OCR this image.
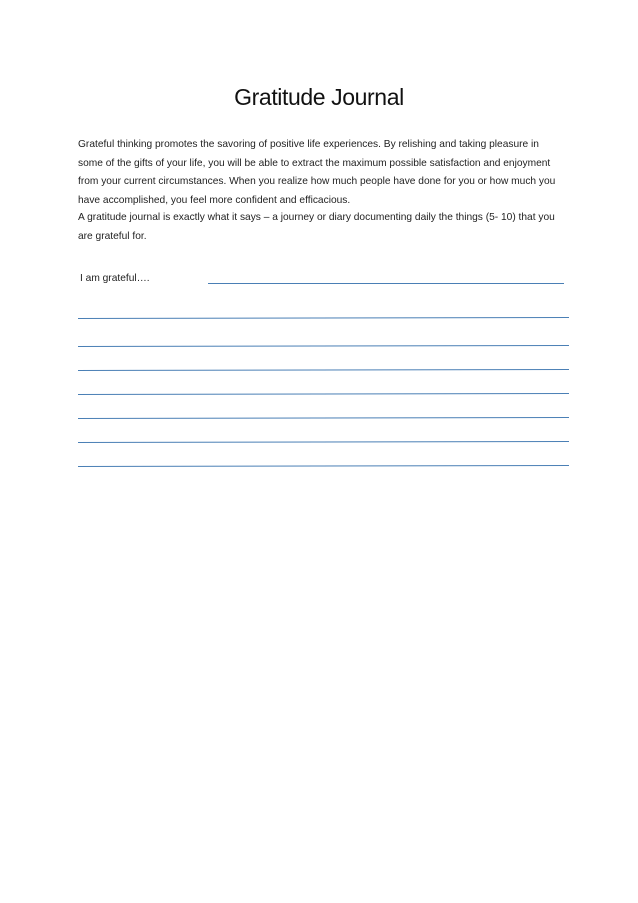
Gratitude Journal

Grateful thinking promotes the savoring of positive life experiences. By relishing and taking pleasure in some of the gifts of your life, you will be able to extract the maximum possible satisfaction and enjoyment from your current circumstances. When you realize how much people have done for you or how much you have accomplished, you feel more confident and efficacious.

A gratitude journal is exactly what it says – a journey or diary documenting daily the things (5- 10) that you are grateful for.

I am grateful….
